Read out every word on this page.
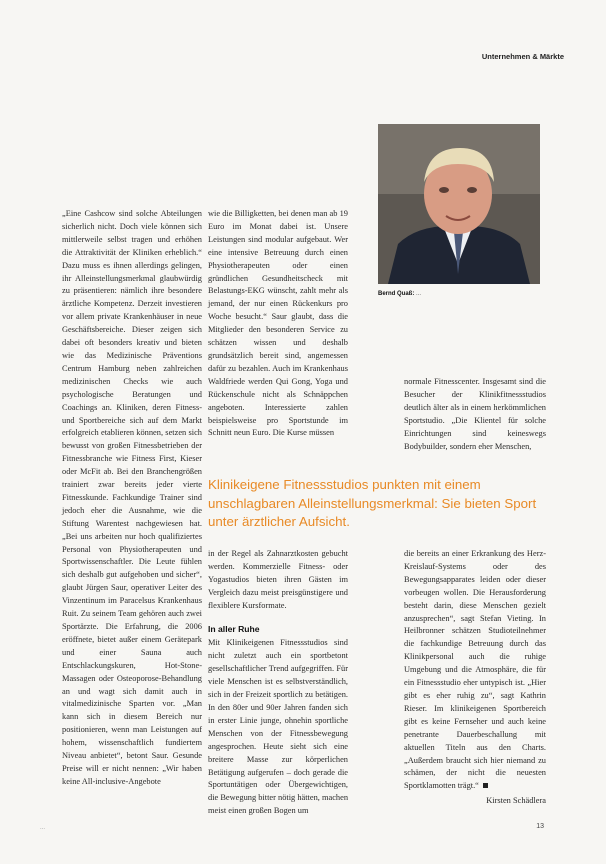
Unternehmen & Märkte
Bernd Quaß: ...

„Eine Cashcow sind solche Abteilungen sicherlich nicht. Doch viele können sich mittlerweile selbst tragen und erhöhen die Attraktivität der Kliniken erheblich.“ Dazu muss es ihnen allerdings gelingen, ihr Alleinstellungsmerkmal glaubwürdig zu präsentieren: nämlich ihre besondere ärztliche Kompetenz. Derzeit investieren vor allem private Krankenhäuser in neue Geschäftsbereiche. Dieser zeigen sich dabei oft besonders kreativ und bieten wie das Medizinische Präventions Centrum Hamburg neben zahlreichen medizinischen Checks wie auch psychologische Beratungen und Coachings an. Kliniken, deren Fitness- und Sportbereiche sich auf dem Markt erfolgreich etablieren können, setzen sich bewusst von großen Fitnessbetrieben der Fitnessbranche wie Fitness First, Kieser oder McFit ab. Bei den Branchengrößen trainiert zwar bereits jeder vierte Fitnesskunde. Fachkundige Trainer sind jedoch eher die Ausnahme, wie die Stiftung Warentest nachgewiesen hat. „Bei uns arbeiten nur hoch qualifiziertes Personal von Physiotherapeuten und Sportwissenschaftler. Die Leute fühlen sich deshalb gut aufgehoben und sicher“, glaubt Jürgen Saur, operativer Leiter des Vinzentinum im Paracelsus Krankenhaus Ruit. Zu seinem Team gehören auch zwei Sportärzte. Die Erfahrung, die 2006 eröffnete, bietet außer einem Gerätepark und einer Sauna auch Entschlackungskuren, Hot-Stone-Massagen oder Osteoporose-Behandlung an und wagt sich damit auch in vitalmedizinische Sparten vor. „Man kann sich in diesem Bereich nur positionieren, wenn man Leistungen auf hohem, wissenschaftlich fundiertem Niveau anbietet“, betont Saur. Gesunde Preise will er nicht nennen: „Wir haben keine All-inclusive-Angebote

wie die Billigketten, bei denen man ab 19 Euro im Monat dabei ist. Unsere Leistungen sind modular aufgebaut. Wer eine intensive Betreuung durch einen Physiotherapeuten oder einen gründlichen Gesundheitscheck mit Belastungs-EKG wünscht, zahlt mehr als jemand, der nur einen Rückenkurs pro Woche besucht.“ Saur glaubt, dass die Mitglieder den besonderen Service zu schätzen wissen und deshalb grundsätzlich bereit sind, angemessen dafür zu bezahlen. Auch im Krankenhaus Waldfriede werden Qui Gong, Yoga und Rückenschule nicht als Schnäppchen angeboten. Interessierte zahlen beispielsweise pro Sportstunde im Schnitt neun Euro. Die Kurse müssen

normale Fitnesscenter. Insgesamt sind die Besucher der Klinikfitnessstudios deutlich älter als in einem herkömmlichen Sportstudio. „Die Klientel für solche Einrichtungen sind keineswegs Bodybuilder, sondern eher Menschen,

Klinikeigene Fitnessstudios punkten mit einem unschlagbaren Alleinstellungsmerkmal: Sie bieten Sport unter ärztlicher Aufsicht.

in der Regel als Zahnarztkosten gebucht werden. Kommerzielle Fitness- oder Yogastudios bieten ihren Gästen im Vergleich dazu meist preisgünstigere und flexiblere Kursformate.

In aller Ruhe

Mit Klinikeigenen Fitnessstudios sind nicht zuletzt auch ein sportbetont gesellschaftlicher Trend aufgegriffen. Für viele Menschen ist es selbstverständlich, sich in der Freizeit sportlich zu betätigen. In den 80er und 90er Jahren fanden sich in erster Linie junge, ohnehin sportliche Menschen von der Fitnessbewegung angesprochen. Heute sieht sich eine breitere Masse zur körperlichen Betätigung aufgerufen – doch gerade die Sportuntätigen oder Übergewichtigen, die Bewegung bitter nötig hätten, machen meist einen großen Bogen um

die bereits an einer Erkrankung des Herz-Kreislauf-Systems oder des Bewegungsapparates leiden oder dieser vorbeugen wollen. Die Herausforderung besteht darin, diese Menschen gezielt anzusprechen“, sagt Stefan Vieting. In Heilbronner schätzen Studioteilnehmer die fachkundige Betreuung durch das Klinikpersonal auch die ruhige Umgebung und die Atmosphäre, die für ein Fitnessstudio eher untypisch ist. „Hier gibt es eher ruhig zu“, sagt Kathrin Rieser. Im klinikeigenen Sportbereich gibt es keine Fernseher und auch keine penetrante Dauerbeschallung mit aktuellen Titeln aus den Charts. „Außerdem braucht sich hier niemand zu schämen, der nicht die neuesten Sportklamotten trägt.“

Kirsten Schädlera
...	13
